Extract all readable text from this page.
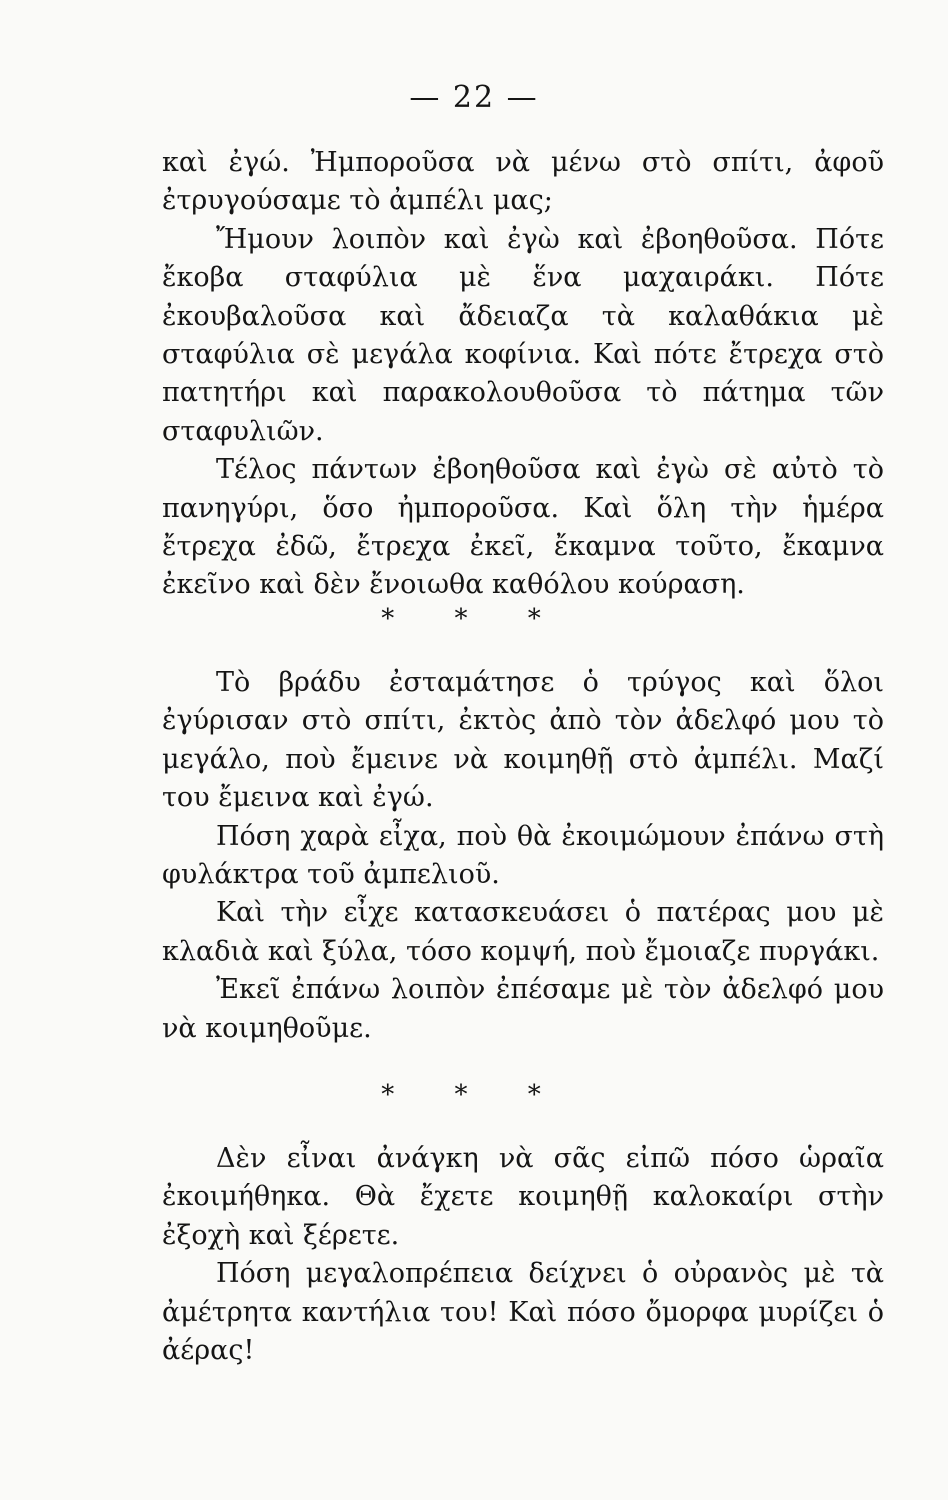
— 22 —

καὶ ἐγώ. Ἠμποροῦσα νὰ μένω στὸ σπίτι, ἀφοῦ ἐτρυγούσαμε τὸ ἀμπέλι μας;

Ἤμουν λοιπὸν καὶ ἐγὼ καὶ ἐβοηθοῦσα. Πότε ἔκοβα σταφύλια μὲ ἕνα μαχαιράκι. Πότε ἐκουβαλοῦσα καὶ ἄδειαζα τὰ καλαθάκια μὲ σταφύλια σὲ μεγάλα κοφίνια. Καὶ πότε ἔτρεχα στὸ πατητήρι καὶ παρακολουθοῦσα τὸ πάτημα τῶν σταφυλιῶν.

Τέλος πάντων ἐβοηθοῦσα καὶ ἐγὼ σὲ αὐτὸ τὸ πανηγύρι, ὅσο ἠμποροῦσα. Καὶ ὅλη τὴν ἡμέρα ἔτρεχα ἐδῶ, ἔτρεχα ἐκεῖ, ἔκαμνα τοῦτο, ἔκαμνα ἐκεῖνο καὶ δὲν ἔνοιωθα καθόλου κούραση.

* * *

Τὸ βράδυ ἐσταμάτησε ὁ τρύγος καὶ ὅλοι ἐγύρισαν στὸ σπίτι, ἐκτὸς ἀπὸ τὸν ἀδελφό μου τὸ μεγάλο, ποὺ ἔμεινε νὰ κοιμηθῇ στὸ ἀμπέλι. Μαζί του ἔμεινα καὶ ἐγώ.

Πόση χαρὰ εἶχα, ποὺ θὰ ἐκοιμώμουν ἐπάνω στὴ φυλάκτρα τοῦ ἀμπελιοῦ.

Καὶ τὴν εἶχε κατασκευάσει ὁ πατέρας μου μὲ κλαδιὰ καὶ ξύλα, τόσο κομψή, ποὺ ἔμοιαζε πυργάκι.

Ἐκεῖ ἐπάνω λοιπὸν ἐπέσαμε μὲ τὸν ἀδελφό μου νὰ κοιμηθοῦμε.

* * *

Δὲν εἶναι ἀνάγκη νὰ σᾶς εἰπῶ πόσο ὡραῖα ἐκοιμήθηκα. Θὰ ἔχετε κοιμηθῇ καλοκαίρι στὴν ἐξοχὴ καὶ ξέρετε.

Πόση μεγαλοπρέπεια δείχνει ὁ οὐρανὸς μὲ τὰ ἀμέτρητα καντήλια του! Καὶ πόσο ὄμορφα μυρίζει ὁ ἀέρας!
